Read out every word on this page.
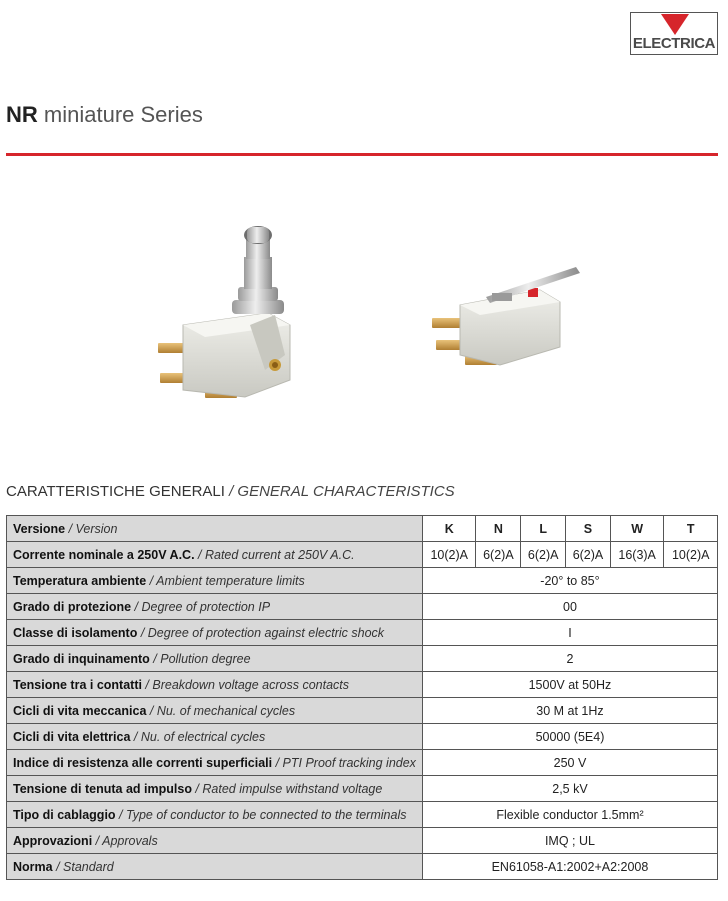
ELECTRICA
NR miniature Series
CARATTERISTICHE GENERALI / GENERAL CHARACTERISTICS
Versione / Version	K	N	L	S	W	T
Corrente nominale a 250V A.C. / Rated current at 250V A.C.	10(2)A	6(2)A	6(2)A	6(2)A	16(3)A	10(2)A
Temperatura ambiente / Ambient temperature limits	-20° to 85°					
Grado di protezione / Degree of protection IP	00					
Classe di isolamento / Degree of protection against electric shock	I					
Grado di inquinamento / Pollution degree	2					
Tensione tra i contatti / Breakdown voltage across contacts	1500V at 50Hz					
Cicli di vita meccanica / Nu. of mechanical cycles	30 M at 1Hz					
Cicli di vita elettrica / Nu. of electrical cycles	50000 (5E4)					
Indice di resistenza alle correnti superficiali / PTI Proof tracking index	250 V					
Tensione di tenuta ad impulso / Rated impulse withstand voltage	2,5 kV					
Tipo di cablaggio / Type of conductor to be connected to the terminals	Flexible conductor 1.5mm²					
Approvazioni / Approvals	IMQ ; UL					
Norma / Standard	EN61058-A1:2002+A2:2008					
